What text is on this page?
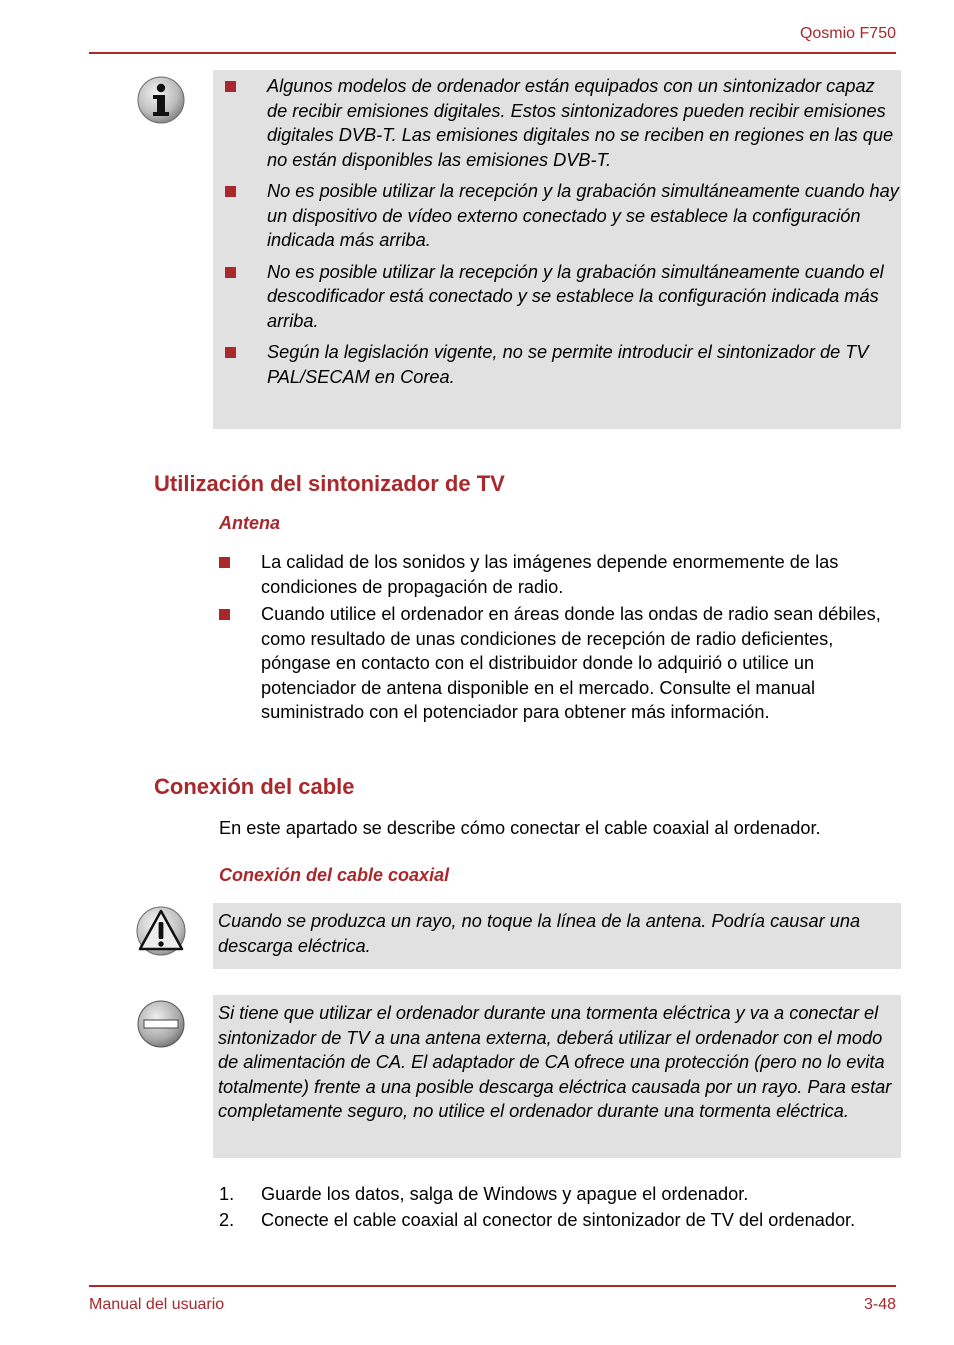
Qosmio F750
Algunos modelos de ordenador están equipados con un sintonizador capaz de recibir emisiones digitales. Estos sintonizadores pueden recibir emisiones digitales DVB-T. Las emisiones digitales no se reciben en regiones en las que no están disponibles las emisiones DVB-T.
No es posible utilizar la recepción y la grabación simultáneamente cuando hay un dispositivo de vídeo externo conectado y se establece la configuración indicada más arriba.
No es posible utilizar la recepción y la grabación simultáneamente cuando el descodificador está conectado y se establece la configuración indicada más arriba.
Según la legislación vigente, no se permite introducir el sintonizador de TV PAL/SECAM en Corea.
Utilización del sintonizador de TV
Antena
La calidad de los sonidos y las imágenes depende enormemente de las condiciones de propagación de radio.
Cuando utilice el ordenador en áreas donde las ondas de radio sean débiles, como resultado de unas condiciones de recepción de radio deficientes, póngase en contacto con el distribuidor donde lo adquirió o utilice un potenciador de antena disponible en el mercado. Consulte el manual suministrado con el potenciador para obtener más información.
Conexión del cable
En este apartado se describe cómo conectar el cable coaxial al ordenador.
Conexión del cable coaxial
Cuando se produzca un rayo, no toque la línea de la antena. Podría causar una descarga eléctrica.
Si tiene que utilizar el ordenador durante una tormenta eléctrica y va a conectar el sintonizador de TV a una antena externa, deberá utilizar el ordenador con el modo de alimentación de CA. El adaptador de CA ofrece una protección (pero no lo evita totalmente) frente a una posible descarga eléctrica causada por un rayo. Para estar completamente seguro, no utilice el ordenador durante una tormenta eléctrica.
1. Guarde los datos, salga de Windows y apague el ordenador.
2. Conecte el cable coaxial al conector de sintonizador de TV del ordenador.
Manual del usuario	3-48
